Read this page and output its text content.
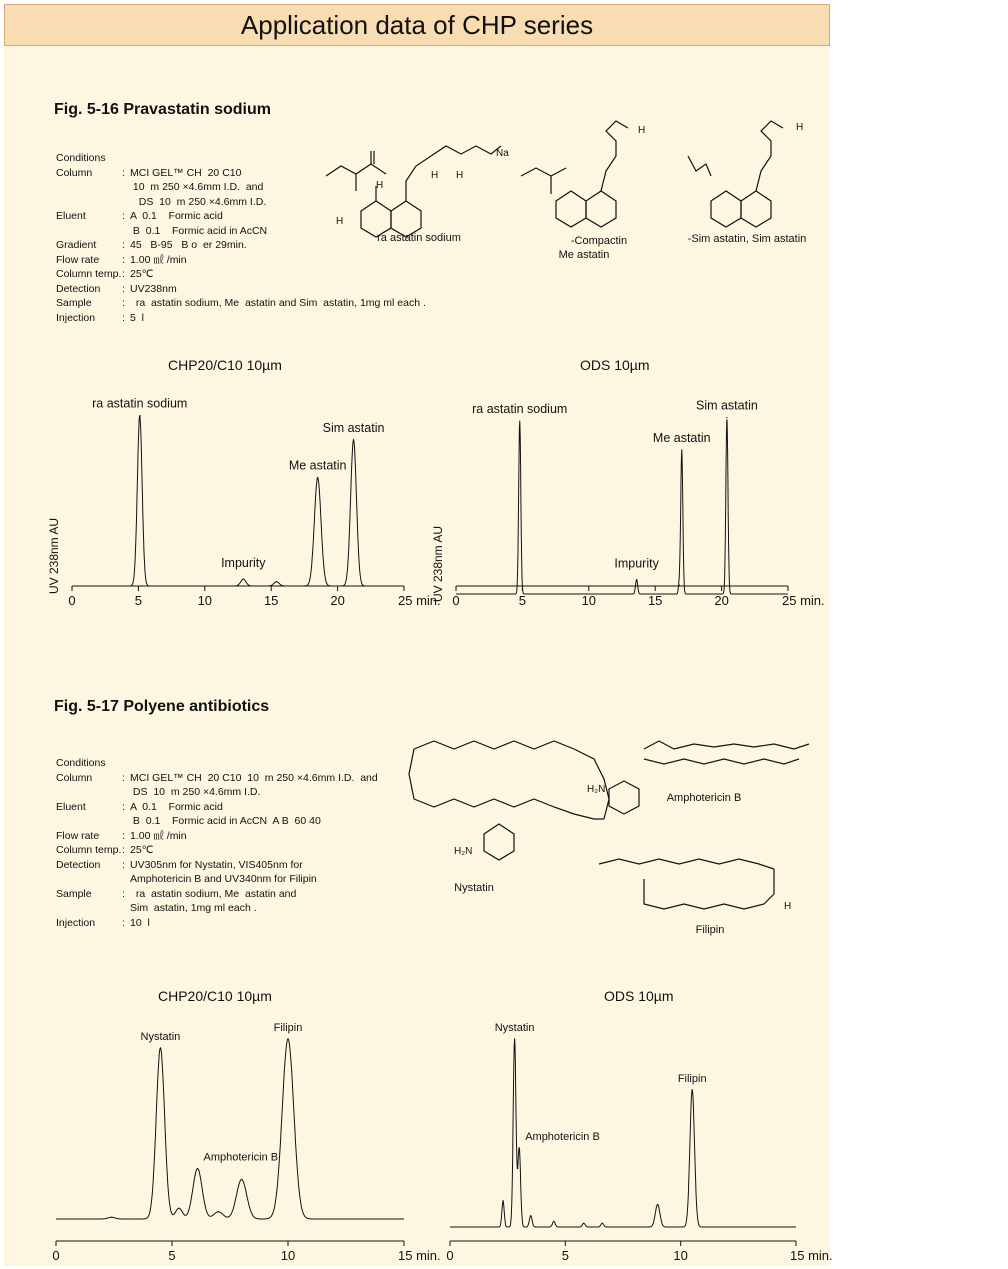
Application data of CHP series
Fig. 5-16 Pravastatin sodium
Conditions
Column	: MCI GEL™ CH  20 C10
10  m 250 ×4.6mm I.D.  and
DS  10  m 250 ×4.6mm I.D.
Eluent	: A  0.1    Formic acid
B  0.1    Formic acid in AcCN
Gradient	: 45   B-95   B o  er 29min.
Flow rate	: 1.00 ㎖ /min
Column temp. : 25℃
Detection	: UV238nm
Sample	: ra  astatin sodium, Me  astatin and Sim  astatin, 1mg ml each .
Injection	: 5  l
Na
H H
H
H	H
H
ra astatin sodium	-Compactin
Me astatin
-Sim astatin, Sim astatin
CHP20/C10 10µm	ODS 10µm
0	5	10	15	20	25 min.
UV 238nm AU
ra astatin sodium
Impurity
Me astatin
Sim astatin
0	5	10	15	20	25 min.
UV 238nm AU
ra astatin sodium
Impurity
Me astatin
Sim astatin
Fig. 5-17 Polyene antibiotics
Conditions
Column	: MCI GEL™ CH  20 C10  10  m 250 ×4.6mm I.D.  and
DS  10  m 250 ×4.6mm I.D.
Eluent	: A  0.1    Formic acid
B  0.1    Formic acid in AcCN  A B  60 40
Flow rate	: 1.00 ㎖ /min
Column temp. : 25℃
Detection	: UV305nm for Nystatin, VIS405nm for
Amphotericin B and UV340nm for Filipin
Sample	:	ra  astatin sodium, Me  astatin and
Sim  astatin, 1mg ml each .
Injection	: 10  l
H₂N
H₂N
H
Nystatin
Amphotericin B
Filipin
CHP20/C10 10µm	ODS 10µm
0	5	10	15 min.
Nystatin
Amphotericin B
Filipin
0	5	10	15 min.
Nystatin
Amphotericin B
Filipin
